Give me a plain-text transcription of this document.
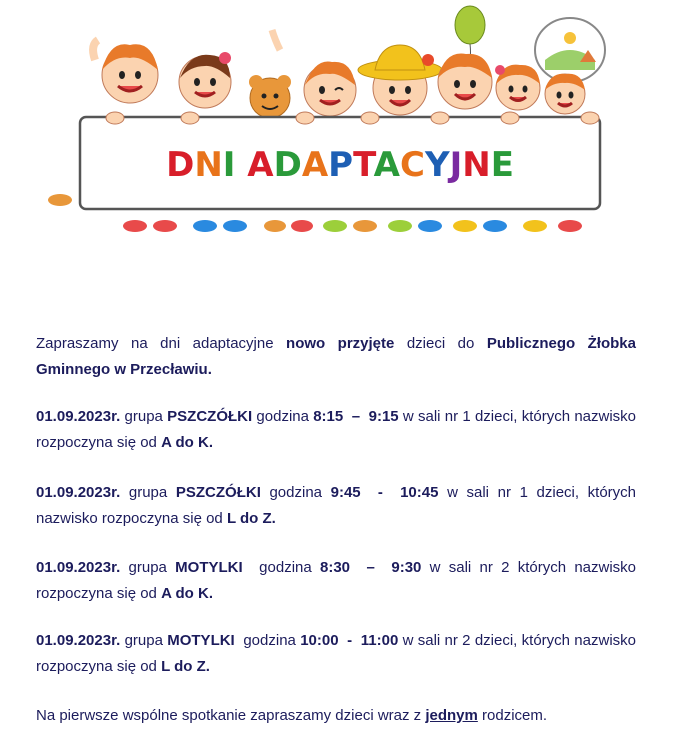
DNI ADAPTACYJNE

Zapraszamy na dni adaptacyjne nowo przyjęte dzieci do Publicznego Żłobka Gminnego w Przecławiu.

01.09.2023r. grupa PSZCZÓŁKI godzina 8:15  –  9:15 w sali nr 1 dzieci, których nazwisko rozpoczyna się od A do K.

01.09.2023r. grupa PSZCZÓŁKI godzina 9:45  -  10:45 w sali nr 1 dzieci, których nazwisko rozpoczyna się od L do Z.

01.09.2023r. grupa MOTYLKI  godzina 8:30  –  9:30 w sali nr 2 których nazwisko rozpoczyna się od A do K.

01.09.2023r. grupa MOTYLKI  godzina 10:00  -  11:00 w sali nr 2 dzieci, których nazwisko rozpoczyna się od L do Z.

Na pierwsze wspólne spotkanie zapraszamy dzieci wraz z jednym rodzicem.
